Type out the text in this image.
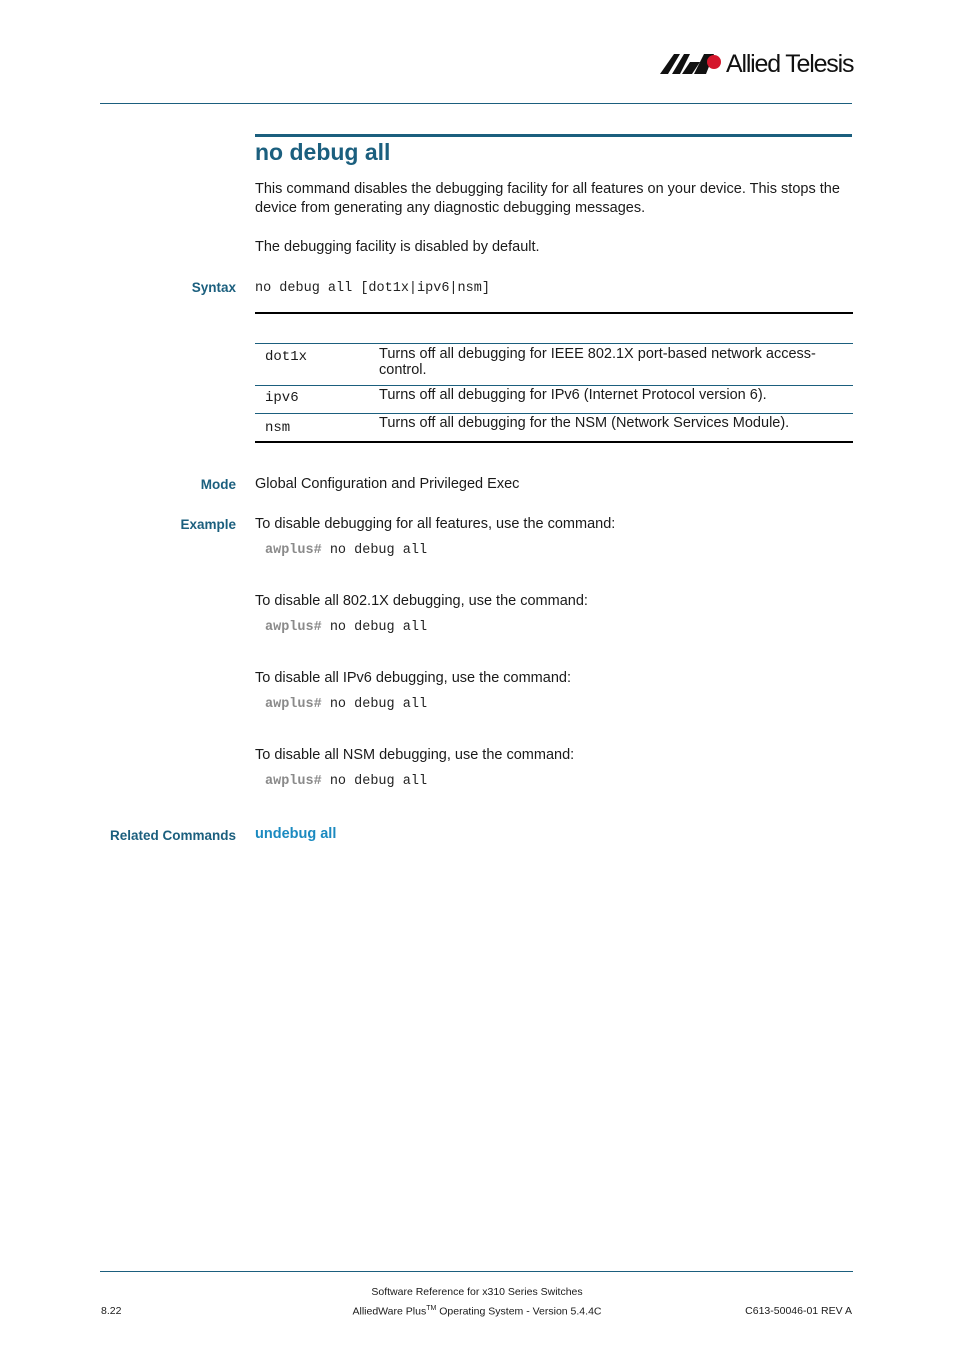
Allied Telesis
no debug all
This command disables the debugging facility for all features on your device. This stops the device from generating any diagnostic debugging messages.
The debugging facility is disabled by default.
Syntax no debug all [dot1x|ipv6|nsm]
dot1x	Turns off all debugging for IEEE 802.1X port-based network access-control.
ipv6	Turns off all debugging for IPv6 (Internet Protocol version 6).
nsm	Turns off all debugging for the NSM (Network Services Module).
Mode Global Configuration and Privileged Exec
Example To disable debugging for all features, use the command:
awplus# no debug all
To disable all 802.1X debugging, use the command:
awplus# no debug all
To disable all IPv6 debugging, use the command:
awplus# no debug all
To disable all NSM debugging, use the command:
awplus# no debug all
Related Commands undebug all
Software Reference for x310 Series Switches
AlliedWare Plus™ Operating System - Version 5.4.4C
8.22	C613-50046-01 REV A
